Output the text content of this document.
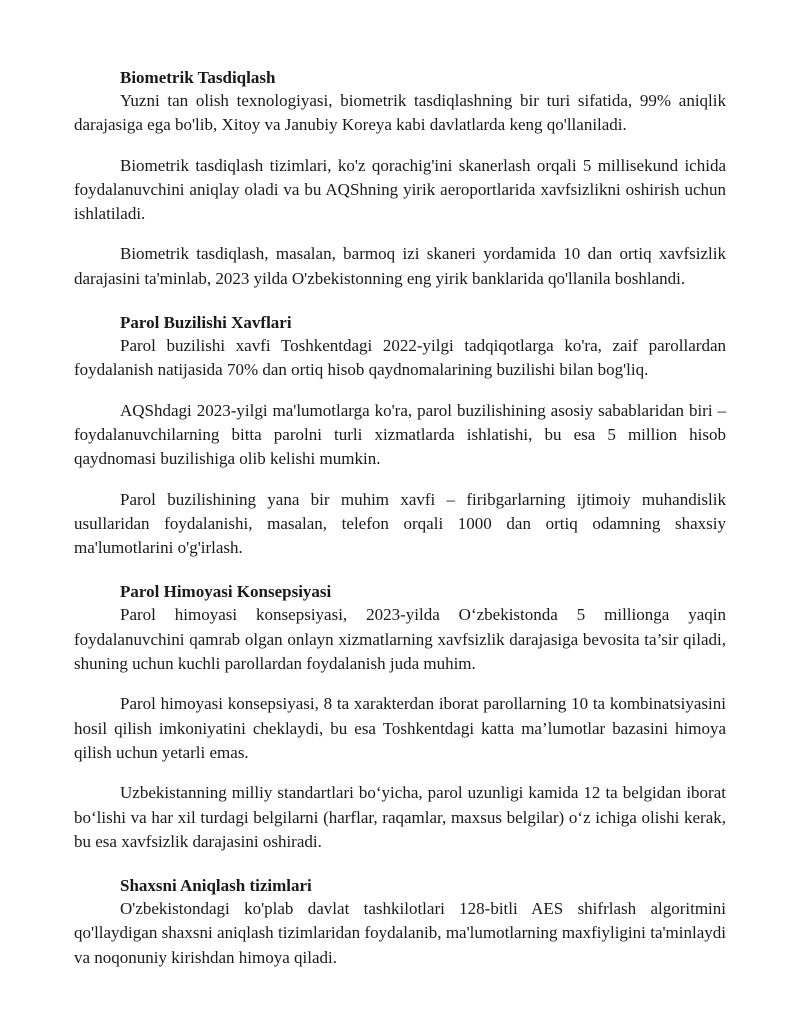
Biometrik Tasdiqlash

Yuzni tan olish texnologiyasi, biometrik tasdiqlashning bir turi sifatida, 99% aniqlik darajasiga ega bo'lib, Xitoy va Janubiy Koreya kabi davlatlarda keng qo'llaniladi.

Biometrik tasdiqlash tizimlari, ko'z qorachig'ini skanerlash orqali 5 millisekund ichida foydalanuvchini aniqlay oladi va bu AQShning yirik aeroportlarida xavfsizlikni oshirish uchun ishlatiladi.

Biometrik tasdiqlash, masalan, barmoq izi skaneri yordamida 10 dan ortiq xavfsizlik darajasini ta'minlab, 2023 yilda O'zbekistonning eng yirik banklarida qo'llanila boshlandi.

Parol Buzilishi Xavflari

Parol buzilishi xavfi Toshkentdagi 2022-yilgi tadqiqotlarga ko'ra, zaif parollardan foydalanish natijasida 70% dan ortiq hisob qaydnomalarining buzilishi bilan bog'liq.

AQShdagi 2023-yilgi ma'lumotlarga ko'ra, parol buzilishining asosiy sabablaridan biri – foydalanuvchilarning bitta parolni turli xizmatlarda ishlatishi, bu esa 5 million hisob qaydnomasi buzilishiga olib kelishi mumkin.

Parol buzilishining yana bir muhim xavfi – firibgarlarning ijtimoiy muhandislik usullaridan foydalanishi, masalan, telefon orqali 1000 dan ortiq odamning shaxsiy ma'lumotlarini o'g'irlash.

Parol Himoyasi Konsepsiyasi

Parol himoyasi konsepsiyasi, 2023-yilda Oʻzbekistonda 5 millionga yaqin foydalanuvchini qamrab olgan onlayn xizmatlarning xavfsizlik darajasiga bevosita ta’sir qiladi, shuning uchun kuchli parollardan foydalanish juda muhim.

Parol himoyasi konsepsiyasi, 8 ta xarakterdan iborat parollarning 10 ta kombinatsiyasini hosil qilish imkoniyatini cheklaydi, bu esa Toshkentdagi katta ma’lumotlar bazasini himoya qilish uchun yetarli emas.

Uzbekistanning milliy standartlari boʻyicha, parol uzunligi kamida 12 ta belgidan iborat boʻlishi va har xil turdagi belgilarni (harflar, raqamlar, maxsus belgilar) oʻz ichiga olishi kerak, bu esa xavfsizlik darajasini oshiradi.

Shaxsni Aniqlash tizimlari

O'zbekistondagi ko'plab davlat tashkilotlari 128-bitli AES shifrlash algoritmini qo'llaydigan shaxsni aniqlash tizimlaridan foydalanib, ma'lumotlarning maxfiyligini ta'minlaydi va noqonuniy kirishdan himoya qiladi.
